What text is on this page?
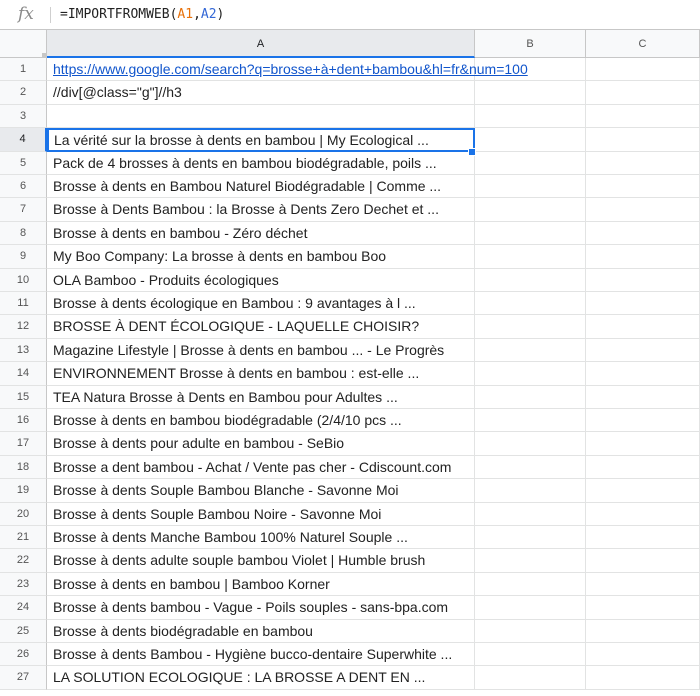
fx =IMPORTFROMWEB(A1,A2)
A	B	C
1	https://www.google.com/search?q=brosse+à+dent+bambou&hl=fr&num=100
2	//div[@class="g"]//h3
3
4	La vérité sur la brosse à dents en bambou | My Ecological ...
5	Pack de 4 brosses à dents en bambou biodégradable, poils ...
6	Brosse à dents en Bambou Naturel Biodégradable | Comme ...
7	Brosse à Dents Bambou : la Brosse à Dents Zero Dechet et ...
8	Brosse à dents en bambou - Zéro déchet
9	My Boo Company: La brosse à dents en bambou Boo
10	OLA Bamboo - Produits écologiques
11	Brosse à dents écologique en Bambou : 9 avantages à l ...
12	BROSSE À DENT ÉCOLOGIQUE - LAQUELLE CHOISIR?
13	Magazine Lifestyle | Brosse à dents en bambou ... - Le Progrès
14	ENVIRONNEMENT Brosse à dents en bambou : est-elle ...
15	TEA Natura Brosse à Dents en Bambou pour Adultes ...
16	Brosse à dents en bambou biodégradable (2/4/10 pcs ...
17	Brosse à dents pour adulte en bambou - SeBio
18	Brosse a dent bambou - Achat / Vente pas cher - Cdiscount.com
19	Brosse à dents Souple Bambou Blanche - Savonne Moi
20	Brosse à dents Souple Bambou Noire - Savonne Moi
21	Brosse à dents Manche Bambou 100% Naturel Souple ...
22	Brosse à dents adulte souple bambou Violet | Humble brush
23	Brosse à dents en bambou | Bamboo Korner
24	Brosse à dents bambou - Vague - Poils souples - sans-bpa.com
25	Brosse à dents biodégradable en bambou
26	Brosse à dents Bambou - Hygiène bucco-dentaire Superwhite ...
27	LA SOLUTION ECOLOGIQUE : LA BROSSE A DENT EN ...
